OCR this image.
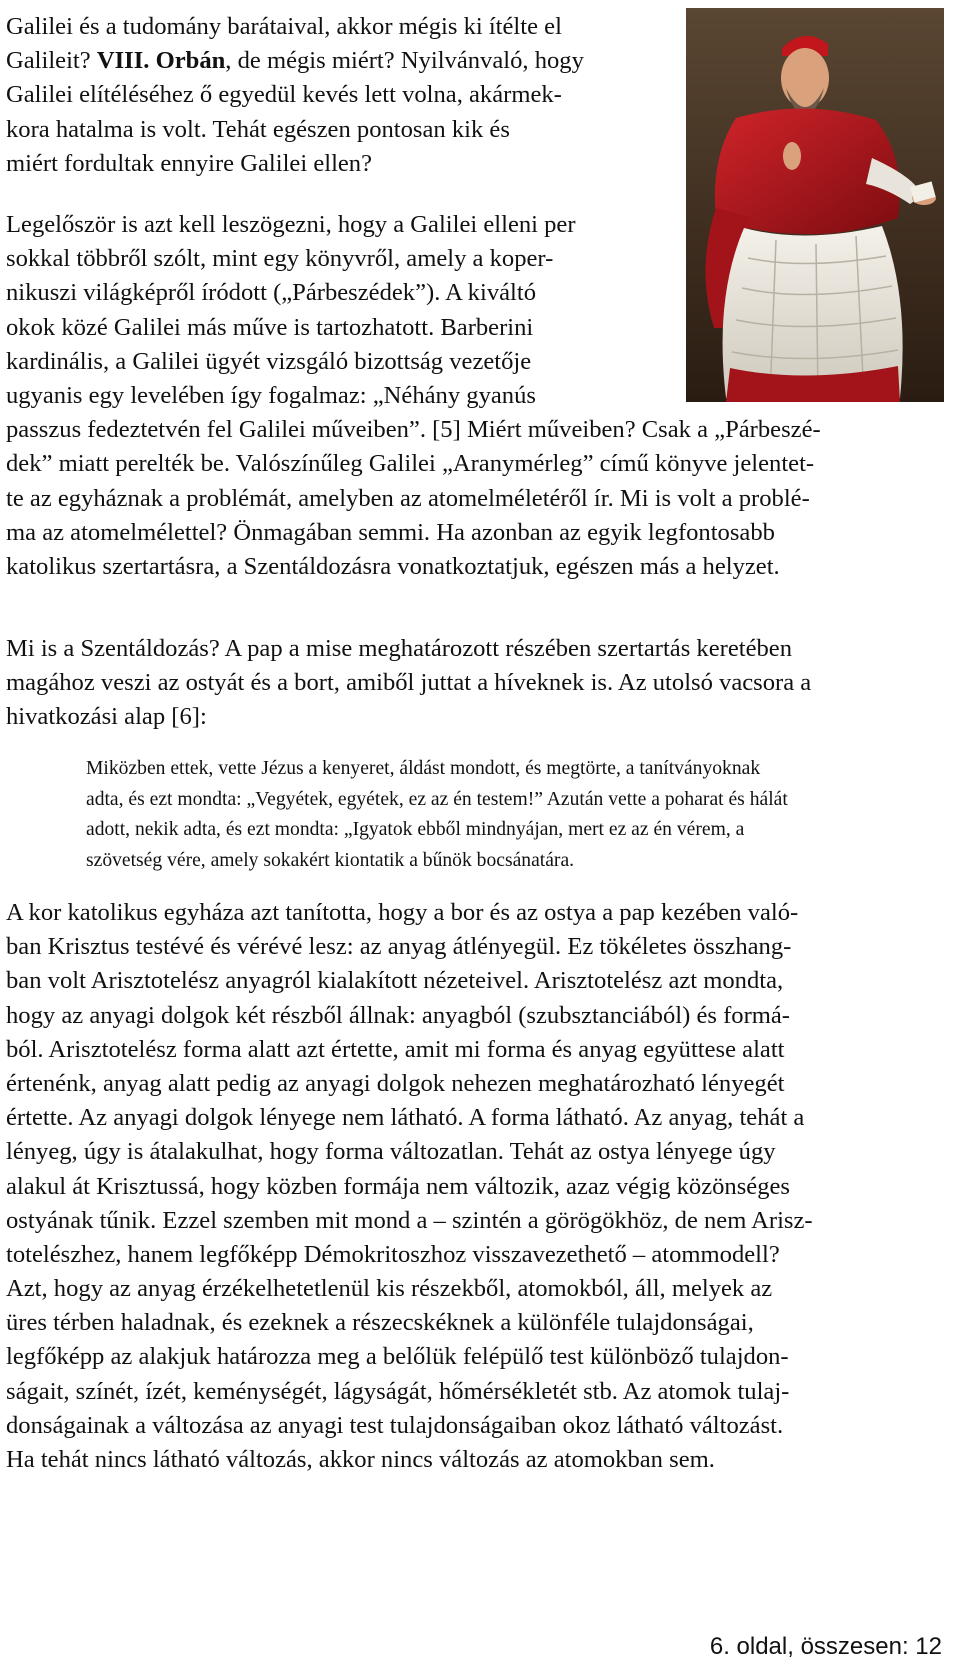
Galilei és a tudomány barátaival, akkor mégis ki ítélte el
Galileit? VIII. Orbán, de mégis miért? Nyilvánvaló, hogy
Galilei elítéléséhez ő egyedül kevés lett volna, akármek-
kora hatalma is volt. Tehát egészen pontosan kik és
miért fordultak ennyire Galilei ellen?
Legelőször is azt kell leszögezni, hogy a Galilei elleni per
sokkal többről szólt, mint egy könyvről, amely a koper-
nikuszi világképről íródott („Párbeszédek”). A kiváltó
okok közé Galilei más műve is tartozhatott. Barberini
kardinális, a Galilei ügyét vizsgáló bizottság vezetője
ugyanis egy levelében így fogalmaz: „Néhány gyanús
passzus fedeztetvén fel Galilei műveiben”. [5] Miért műveiben? Csak a „Párbeszé-
dek” miatt perelték be. Valószínűleg Galilei „Aranymérleg” című könyve jelentet-
te az egyháznak a problémát, amelyben az atomelméletéről ír. Mi is volt a problé-
ma az atomelmélettel? Önmagában semmi. Ha azonban az egyik legfontosabb
katolikus szertartásra, a Szentáldozásra vonatkoztatjuk, egészen más a helyzet.
Mi is a Szentáldozás? A pap a mise meghatározott részében szertartás keretében
magához veszi az ostyát és a bort, amiből juttat a híveknek is. Az utolsó vacsora a
hivatkozási alap [6]:
Miközben ettek, vette Jézus a kenyeret, áldást mondott, és megtörte, a tanítványoknak
adta, és ezt mondta: „Vegyétek, egyétek, ez az én testem!” Azután vette a poharat és hálát
adott, nekik adta, és ezt mondta: „Igyatok ebből mindnyájan, mert ez az én vérem, a
szövetség vére, amely sokakért kiontatik a bűnök bocsánatára.
A kor katolikus egyháza azt tanította, hogy a bor és az ostya a pap kezében való-
ban Krisztus testévé és vérévé lesz: az anyag átlényegül. Ez tökéletes összhang-
ban volt Arisztotelész anyagról kialakított nézeteivel. Arisztotelész azt mondta,
hogy az anyagi dolgok két részből állnak: anyagból (szubsztanciából) és formá-
ból. Arisztotelész forma alatt azt értette, amit mi forma és anyag együttese alatt
értenénk, anyag alatt pedig az anyagi dolgok nehezen meghatározható lényegét
értette. Az anyagi dolgok lényege nem látható. A forma látható. Az anyag, tehát a
lényeg, úgy is átalakulhat, hogy forma változatlan. Tehát az ostya lényege úgy
alakul át Krisztussá, hogy közben formája nem változik, azaz végig közönséges
ostyának tűnik. Ezzel szemben mit mond a – szintén a görögökhöz, de nem Arisz-
totelészhez, hanem legfőképp Démokritoszhoz visszavezethető – atommodell?
Azt, hogy az anyag érzékelhetetlenül kis részekből, atomokból, áll, melyek az
üres térben haladnak, és ezeknek a részecskéknek a különféle tulajdonságai,
legfőképp az alakjuk határozza meg a belőlük felépülő test különböző tulajdon-
ságait, színét, ízét, keménységét, lágyságát, hőmérsékletét stb. Az atomok tulaj-
donságainak a változása az anyagi test tulajdonságaiban okoz látható változást.
Ha tehát nincs látható változás, akkor nincs változás az atomokban sem.
6. oldal, összesen: 12
